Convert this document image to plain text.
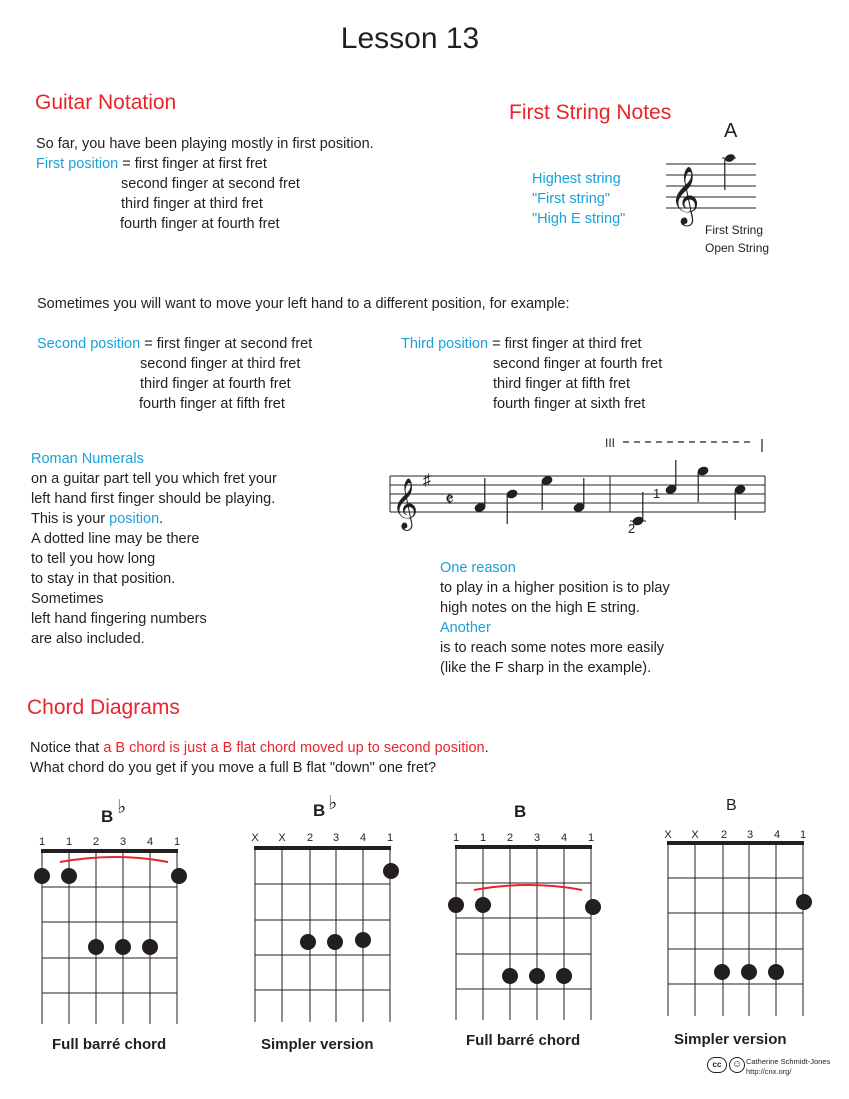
Lesson 13
Guitar Notation
So far, you have been playing mostly in first position.
First position = first finger at first fret
second finger at second fret
third finger at third fret
fourth finger at fourth fret
First String Notes
A
Highest string
"First string"
"High E string" 𝄞
First String
Open String
Sometimes you will want to move your left hand to a different position, for example:
Second position = first finger at second fret
second finger at third fret
third finger at fourth fret
fourth finger at fifth fret
Third position = first finger at third fret
second finger at fourth fret
third finger at fifth fret
fourth finger at sixth fret
Roman Numerals
on a guitar part tell you which fret your
left hand first finger should be playing.
This is your position.
A dotted line may be there
to tell you how long
to stay in that position.
Sometimes
left hand fingering numbers
are also included.
III
𝄞 ♯
𝄵	1
2
One reason
to play in a higher position is to play
high notes on the high E string.
Another
is to reach some notes more easily
(like the F sharp in the example).
Chord Diagrams
Notice that a B chord is just a B flat chord moved up to second position.
What chord do you get if you move a full B flat "down" one fret?
B ♭
1 1 2 3 4 1
Full barré chord
B ♭
X X 2 3 4 1
Simpler version
B
1 1 2 3 4 1
Full barré chord
B
X X 2 3 4 1
Simpler version
cc	☺ Catherine Schmidt-Jones
http://cnx.org/
